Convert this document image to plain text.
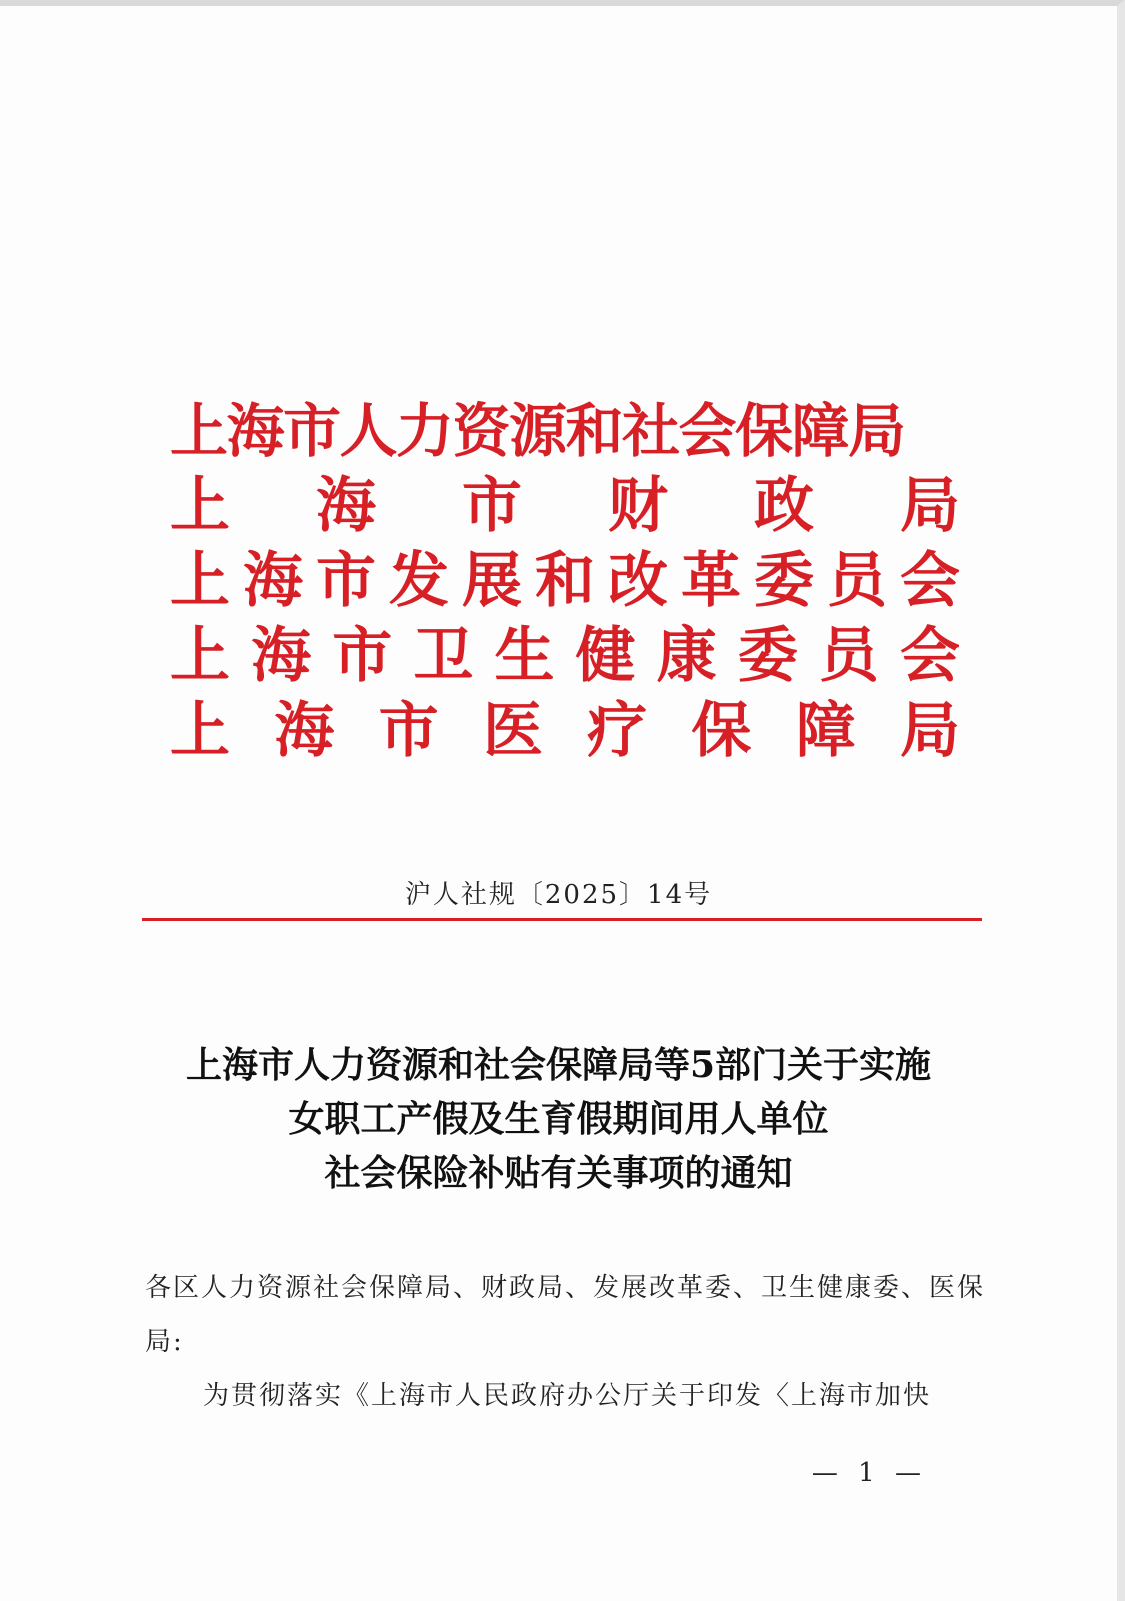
上海市人力资源和社会保障局
上 海 市 财 政 局
上 海 市 发 展 和 改 革 委 员 会
上 海 市 卫 生 健 康 委 员 会
上 海 市 医 疗 保 障 局
沪人社规〔2025〕14号
上海市人力资源和社会保障局等5部门关于实施
女职工产假及生育假期间用人单位
社会保险补贴有关事项的通知
各区人力资源社会保障局、财政局、发展改革委、卫生健康委、医保局:
为贯彻落实《上海市人民政府办公厅关于印发〈上海市加快
— 1 —
